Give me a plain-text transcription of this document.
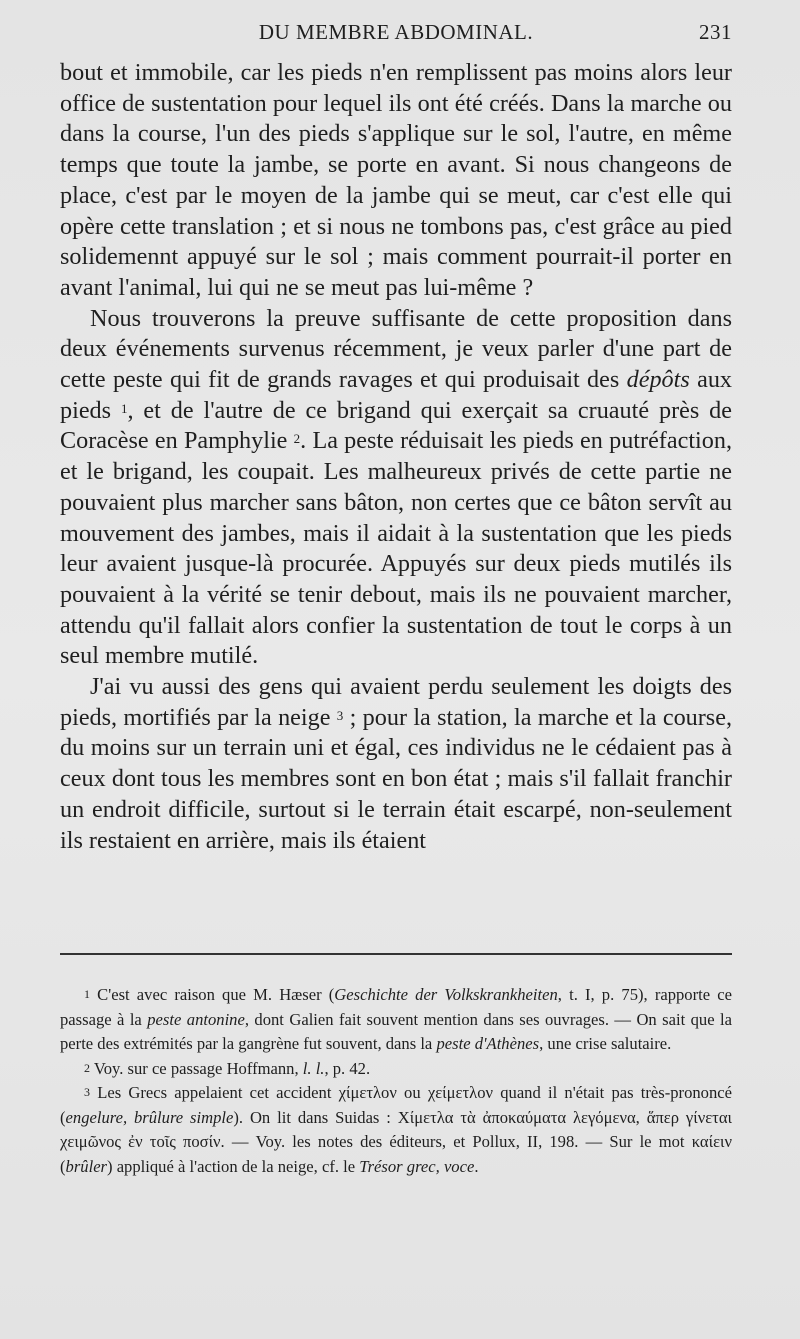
DU MEMBRE ABDOMINAL.	231

bout et immobile, car les pieds n'en remplissent pas moins alors leur office de sustentation pour lequel ils ont été créés. Dans la marche ou dans la course, l'un des pieds s'applique sur le sol, l'autre, en même temps que toute la jambe, se porte en avant. Si nous changeons de place, c'est par le moyen de la jambe qui se meut, car c'est elle qui opère cette translation ; et si nous ne tombons pas, c'est grâce au pied solidemennt appuyé sur le sol ; mais comment pourrait-il porter en avant l'animal, lui qui ne se meut pas lui-même ?

Nous trouverons la preuve suffisante de cette proposition dans deux événements survenus récemment, je veux parler d'une part de cette peste qui fit de grands ravages et qui produisait des dépôts aux pieds $^1$, et de l'autre de ce brigand qui exerçait sa cruauté près de Coracèse en Pamphylie $^2$. La peste réduisait les pieds en putréfaction, et le brigand, les coupait. Les malheureux privés de cette partie ne pouvaient plus marcher sans bâton, non certes que ce bâton servît au mouvement des jambes, mais il aidait à la sustentation que les pieds leur avaient jusque-là procurée. Appuyés sur deux pieds mutilés ils pouvaient à la vérité se tenir debout, mais ils ne pouvaient marcher, attendu qu'il fallait alors confier la sustentation de tout le corps à un seul membre mutilé.

J'ai vu aussi des gens qui avaient perdu seulement les doigts des pieds, mortifiés par la neige $^3$ ; pour la station, la marche et la course, du moins sur un terrain uni et égal, ces individus ne le cédaient pas à ceux dont tous les membres sont en bon état ; mais s'il fallait franchir un endroit difficile, surtout si le terrain était escarpé, non-seulement ils restaient en arrière, mais ils étaient

$^1$ C'est avec raison que M. Hæser (Geschichte der Volkskrankheiten, t. I, p. 75), rapporte ce passage à la peste antonine, dont Galien fait souvent mention dans ses ouvrages. — On sait que la perte des extrémités par la gangrène fut souvent, dans la peste d'Athènes, une crise salutaire.

$^2$ Voy. sur ce passage Hoffmann, l. l., p. 42.

$^3$ Les Grecs appelaient cet accident χίμετλον ou χείμετλον quand il n'était pas très-prononcé (engelure, brûlure simple). On lit dans Suidas : Χίμετλα τὰ ἀποκαύματα λεγόμενα, ἅπερ γίνεται χειμῶνος ἐν τοῖς ποσίν. — Voy. les notes des éditeurs, et Pollux, II, 198. — Sur le mot καίειν (brûler) appliqué à l'action de la neige, cf. le Trésor grec, voce.
